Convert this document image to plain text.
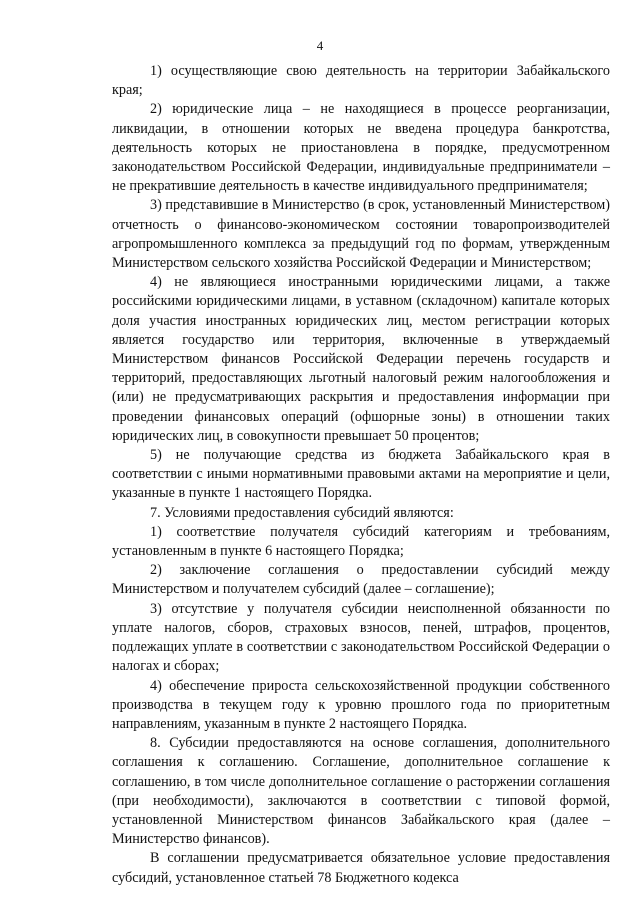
4

1) осуществляющие свою деятельность на территории Забайкальского края;

2) юридические лица – не находящиеся в процессе реорганизации, ликвидации, в отношении которых не введена процедура банкротства, деятельность которых не приостановлена в порядке, предусмотренном законодательством Российской Федерации, индивидуальные предприниматели – не прекратившие деятельность в качестве индивидуального предпринимателя;

3) представившие в Министерство (в срок, установленный Министерством) отчетность о финансово-экономическом состоянии товаропроизводителей агропромышленного комплекса за предыдущий год по формам, утвержденным Министерством сельского хозяйства Российской Федерации и Министерством;

4) не являющиеся иностранными юридическими лицами, а также российскими юридическими лицами, в уставном (складочном) капитале которых доля участия иностранных юридических лиц, местом регистрации которых является государство или территория, включенные в утверждаемый Министерством финансов Российской Федерации перечень государств и территорий, предоставляющих льготный налоговый режим налогообложения и (или) не предусматривающих раскрытия и предоставления информации при проведении финансовых операций (офшорные зоны) в отношении таких юридических лиц, в совокупности превышает 50 процентов;

5) не получающие средства из бюджета Забайкальского края в соответствии с иными нормативными правовыми актами на мероприятие и цели, указанные в пункте 1 настоящего Порядка.

7. Условиями предоставления субсидий являются:

1) соответствие получателя субсидий категориям и требованиям, установленным в пункте 6 настоящего Порядка;

2) заключение соглашения о предоставлении субсидий между Министерством и получателем субсидий (далее – соглашение);

3) отсутствие у получателя субсидии неисполненной обязанности по уплате налогов, сборов, страховых взносов, пеней, штрафов, процентов, подлежащих уплате в соответствии с законодательством Российской Федерации о налогах и сборах;

4) обеспечение прироста сельскохозяйственной продукции собственного производства в текущем году к уровню прошлого года по приоритетным направлениям, указанным в пункте 2 настоящего Порядка.

8. Субсидии предоставляются на основе соглашения, дополнительного соглашения к соглашению. Соглашение, дополнительное соглашение к соглашению, в том числе дополнительное соглашение о расторжении соглашения (при необходимости), заключаются в соответствии с типовой формой, установленной Министерством финансов Забайкальского края (далее – Министерство финансов).

В соглашении предусматривается обязательное условие предоставления субсидий, установленное статьей 78 Бюджетного кодекса
